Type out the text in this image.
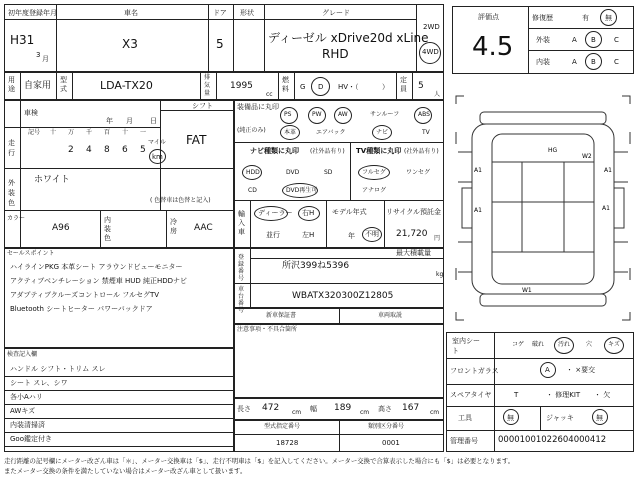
初年度登録年月
H31
3 月
車名
X3
ドア
5
形状	グレード
ディーゼル xDrive20d xLine
RHD
2WD
4WD
用途 自家用
型式	LDA-TX20
排気量
1995
cc
燃料 G D HV・（	）
定員 5
人
評価点
4.5
修復歴	有 無
外装	A B	C
内装	A B	C
車検
年 月 日
シフト
FAT
走行
記号 十 万 千 百 十 一
2 4 8 6 5
マイル
km
外装色
ホワイト
( 色替車は色替と記入)
カラー
A96
内装色
冷房 AAC
装備品に丸印
(純正のみ)
PS	PW	AW	サンルーフ	ABS
本革	エアバック	ナビ	TV
ナビ種類に丸印 (社外品有り)
HDD	DVD	SD
CD	DVD再生可
TV種類に丸印 (社外品有り)
フルセグ	ワンセグ
アナログ
輸入車
ディーラー 右H
並行	左H
モデル年式
年 不明
リサイクル預託金
21,720 円
セールスポイント
ハイラインPKG 本革シート アラウンドビューモニター
アクティブベンチレーション 禁煙車 HUD 純正HDDナビ
アダプティブクルーズコントロール フルセグTV
Bluetooth シートヒーター パワーバックドア
最大積載量
登録番号
所沢399ね5396
kg
車台番号
WBATX320300Z12805
新車保証書	車両取説
注意事項・不具合箇所
検査記入欄
ハンドル シフト・トリム スレ
シート スレ、シワ
各小Aハリ
AWキズ
内装清掃済
Goo鑑定付き
長さ 472 cm 幅 189 cm 高さ 167 cm
型式指定番号
18728
類別区分番号
0001
A1
A1
A1
A1
W2
W1
HG
室内シート
コゲ 破れ 汚れ	穴	キズ
フロントガラス	A ・ ×要交
スペアタイヤ	T	・ 修理KIT ・ 欠
工具	無	ジャッキ	無
管理番号 00001001022604000412
走行距離の記号欄にメーター改ざん車は「＊」、メーター交換車は「$」、走行不明車は「$」を記入してください。メーター交換で合算表示した場合にも「$」は必要となります。
またメーター交換の条件を満たしていない場合はメーター改ざん車として扱います。
